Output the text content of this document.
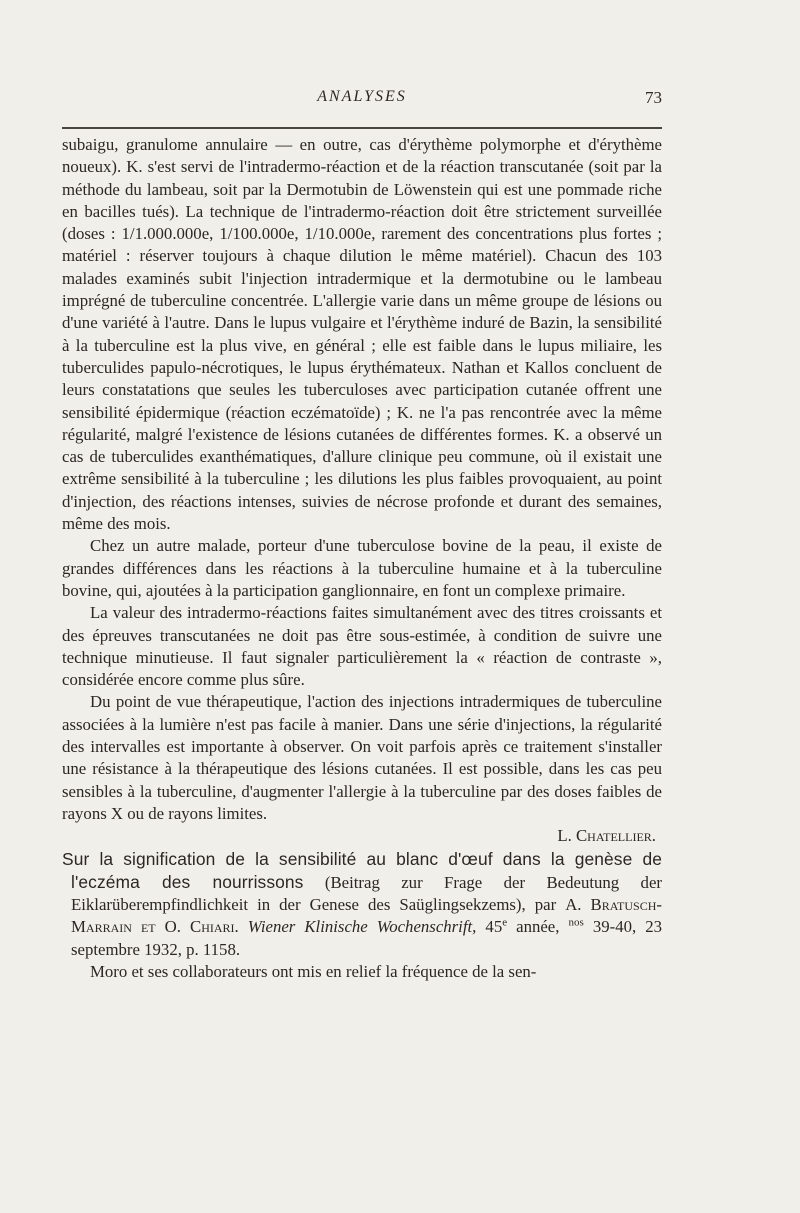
ANALYSES	73

subaigu, granulome annulaire — en outre, cas d'érythème polymorphe et d'érythème noueux). K. s'est servi de l'intradermo-réaction et de la réaction transcutanée (soit par la méthode du lambeau, soit par la Dermotubin de Löwenstein qui est une pommade riche en bacilles tués). La technique de l'intradermo-réaction doit être strictement surveillée (doses : 1/1.000.000e, 1/100.000e, 1/10.000e, rarement des concentrations plus fortes ; matériel : réserver toujours à chaque dilution le même matériel). Chacun des 103 malades examinés subit l'injection intradermique et la dermotubine ou le lambeau imprégné de tuberculine concentrée. L'allergie varie dans un même groupe de lésions ou d'une variété à l'autre. Dans le lupus vulgaire et l'érythème induré de Bazin, la sensibilité à la tuberculine est la plus vive, en général ; elle est faible dans le lupus miliaire, les tuberculides papulo-nécrotiques, le lupus érythémateux. Nathan et Kallos concluent de leurs constatations que seules les tuberculoses avec participation cutanée offrent une sensibilité épidermique (réaction eczématoïde) ; K. ne l'a pas rencontrée avec la même régularité, malgré l'existence de lésions cutanées de différentes formes. K. a observé un cas de tuberculides exanthématiques, d'allure clinique peu commune, où il existait une extrême sensibilité à la tuberculine ; les dilutions les plus faibles provoquaient, au point d'injection, des réactions intenses, suivies de nécrose profonde et durant des semaines, même des mois.

Chez un autre malade, porteur d'une tuberculose bovine de la peau, il existe de grandes différences dans les réactions à la tuberculine humaine et à la tuberculine bovine, qui, ajoutées à la participation ganglionnaire, en font un complexe primaire.

La valeur des intradermo-réactions faites simultanément avec des titres croissants et des épreuves transcutanées ne doit pas être sous-estimée, à condition de suivre une technique minutieuse. Il faut signaler particulièrement la « réaction de contraste », considérée encore comme plus sûre.

Du point de vue thérapeutique, l'action des injections intradermiques de tuberculine associées à la lumière n'est pas facile à manier. Dans une série d'injections, la régularité des intervalles est importante à observer. On voit parfois après ce traitement s'installer une résistance à la thérapeutique des lésions cutanées. Il est possible, dans les cas peu sensibles à la tuberculine, d'augmenter l'allergie à la tuberculine par des doses faibles de rayons X ou de rayons limites.

L. Chatellier.

Sur la signification de la sensibilité au blanc d'œuf dans la genèse de l'eczéma des nourrissons (Beitrag zur Frage der Bedeutung der Eiklarüberempfindlichkeit in der Genese des Saüglingsekzems), par A. Bratusch-Marrain et O. Chiari. Wiener Klinische Wochenschrift, 45e année, $^{nos}$ 39-40, 23 septembre 1932, p. 1158.

Moro et ses collaborateurs ont mis en relief la fréquence de la sen-
